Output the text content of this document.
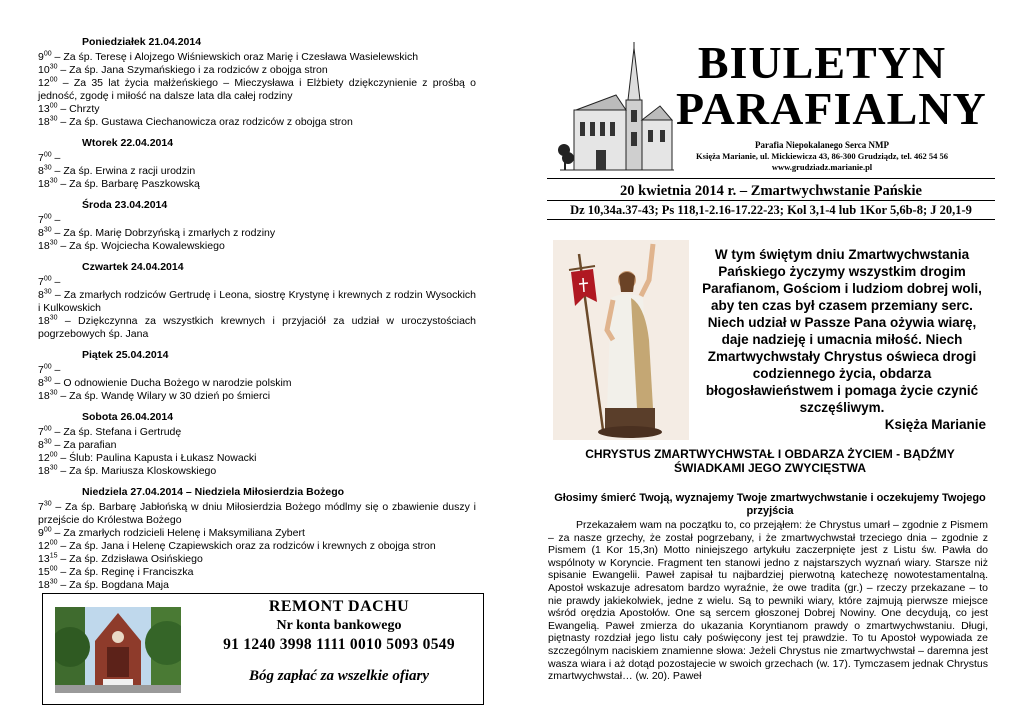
Poniedziałek 21.04.2014
$9^{00}$ – Za śp. Teresę i Alojzego Wiśniewskich oraz Marię i Czesława Wasielewskich
$10^{30}$ – Za śp. Jana Szymańskiego i za rodziców z obojga stron
$12^{00}$ – Za 35 lat życia małżeńskiego – Mieczysława i Elżbiety dziękczynienie z prośbą o jedność, zgodę i miłość na dalsze lata dla całej rodziny
$13^{00}$ – Chrzty
$18^{30}$ – Za śp. Gustawa Ciechanowicza oraz rodziców z obojga stron
Wtorek 22.04.2014
$7^{00}$ –
$8^{30}$ – Za śp. Erwina z racji urodzin
$18^{30}$ – Za śp. Barbarę Paszkowską
Środa 23.04.2014
$7^{00}$ –
$8^{30}$ – Za śp. Marię Dobrzyńską i zmarłych z rodziny
$18^{30}$ – Za śp. Wojciecha Kowalewskiego
Czwartek 24.04.2014
$7^{00}$ –
$8^{30}$ – Za zmarłych rodziców Gertrudę i Leona, siostrę Krystynę i krewnych z rodzin Wysockich i Kulkowskich
$18^{30}$ – Dziękczynna za wszystkich krewnych i przyjaciół za udział w uroczystościach pogrzebowych śp. Jana
Piątek 25.04.2014
$7^{00}$ –
$8^{30}$ – O odnowienie Ducha Bożego w narodzie polskim
$18^{30}$ – Za śp. Wandę Wilary w 30 dzień po śmierci
Sobota 26.04.2014
$7^{00}$ – Za śp. Stefana i Gertrudę
$8^{30}$ – Za parafian
$12^{00}$ – Ślub: Paulina Kapusta i Łukasz Nowacki
$18^{30}$ – Za śp. Mariusza Kloskowskiego
Niedziela 27.04.2014 – Niedziela Miłosierdzia Bożego
$7^{30}$ – Za śp. Barbarę Jabłońską w dniu Miłosierdzia Bożego módlmy się o zbawienie duszy i przejście do Królestwa Bożego
$9^{00}$ – Za zmarłych rodzicieli Helenę i Maksymiliana Zybert
$12^{00}$ – Za śp. Jana i Helenę Czapiewskich oraz za rodziców i krewnych z obojga stron
$13^{15}$ – Za śp. Zdzisława Osińskiego
$15^{00}$ – Za śp. Reginę i Franciszka
$18^{30}$ – Za śp. Bogdana Maja
REMONT DACHU
Nr konta bankowego
91 1240 3998 1111 0010 5093 0549
Bóg zapłać za wszelkie ofiary
BIULETYN
PARAFIALNY
Parafia Niepokalanego Serca NMP
Księża Marianie, ul. Mickiewicza 43, 86-300 Grudziądz, tel. 462 54 56
www.grudziadz.marianie.pl
20 kwietnia 2014 r. – Zmartwychwstanie Pańskie
Dz 10,34a.37-43; Ps 118,1-2.16-17.22-23; Kol 3,1-4 lub 1Kor 5,6b-8; J 20,1-9
W tym świętym dniu Zmartwychwstania Pańskiego życzymy wszystkim drogim Parafianom, Gościom i ludziom dobrej woli, aby ten czas był czasem przemiany serc. Niech udział w Passze Pana ożywia wiarę, daje nadzieję i umacnia miłość. Niech Zmartwychwstały Chrystus oświeca drogi codziennego życia, obdarza błogosławieństwem i pomaga życie czynić szczęśliwym.
Księża Marianie
CHRYSTUS ZMARTWYCHWSTAŁ I OBDARZA ŻYCIEM - BĄDŹMY ŚWIADKAMI JEGO ZWYCIĘSTWA
Głosimy śmierć Twoją, wyznajemy Twoje zmartwychwstanie i oczekujemy Twojego przyjścia
Przekazałem wam na początku to, co przejąłem: że Chrystus umarł – zgodnie z Pismem – za nasze grzechy, że został pogrzebany, i że zmartwychwstał trzeciego dnia – zgodnie z Pismem (1 Kor 15,3n) Motto niniejszego artykułu zaczerpnięte jest z Listu św. Pawła do wspólnoty w Koryncie. Fragment ten stanowi jedno z najstarszych wyznań wiary. Starsze niż spisanie Ewangelii. Paweł zapisał tu najbardziej pierwotną katechezę nowotestamentalną. Apostoł wskazuje adresatom bardzo wyraźnie, że owe tradita (gr.) – rzeczy przekazane – to nie prawdy jakiekolwiek, jedne z wielu. Są to pewniki wiary, które zajmują pierwsze miejsce wśród orędzia Apostołów. One są sercem głoszonej Dobrej Nowiny. One decydują, co jest Ewangelią. Paweł zmierza do ukazania Koryntianom prawdy o zmartwychwstaniu. Długi, piętnasty rozdział jego listu cały poświęcony jest tej prawdzie. To tu Apostoł wypowiada ze szczególnym naciskiem znamienne słowa: Jeżeli Chrystus nie zmartwychwstał – daremna jest wasza wiara i aż dotąd pozostajecie w swoich grzechach (w. 17). Tymczasem jednak Chrystus zmartwychwstał… (w. 20). Paweł
